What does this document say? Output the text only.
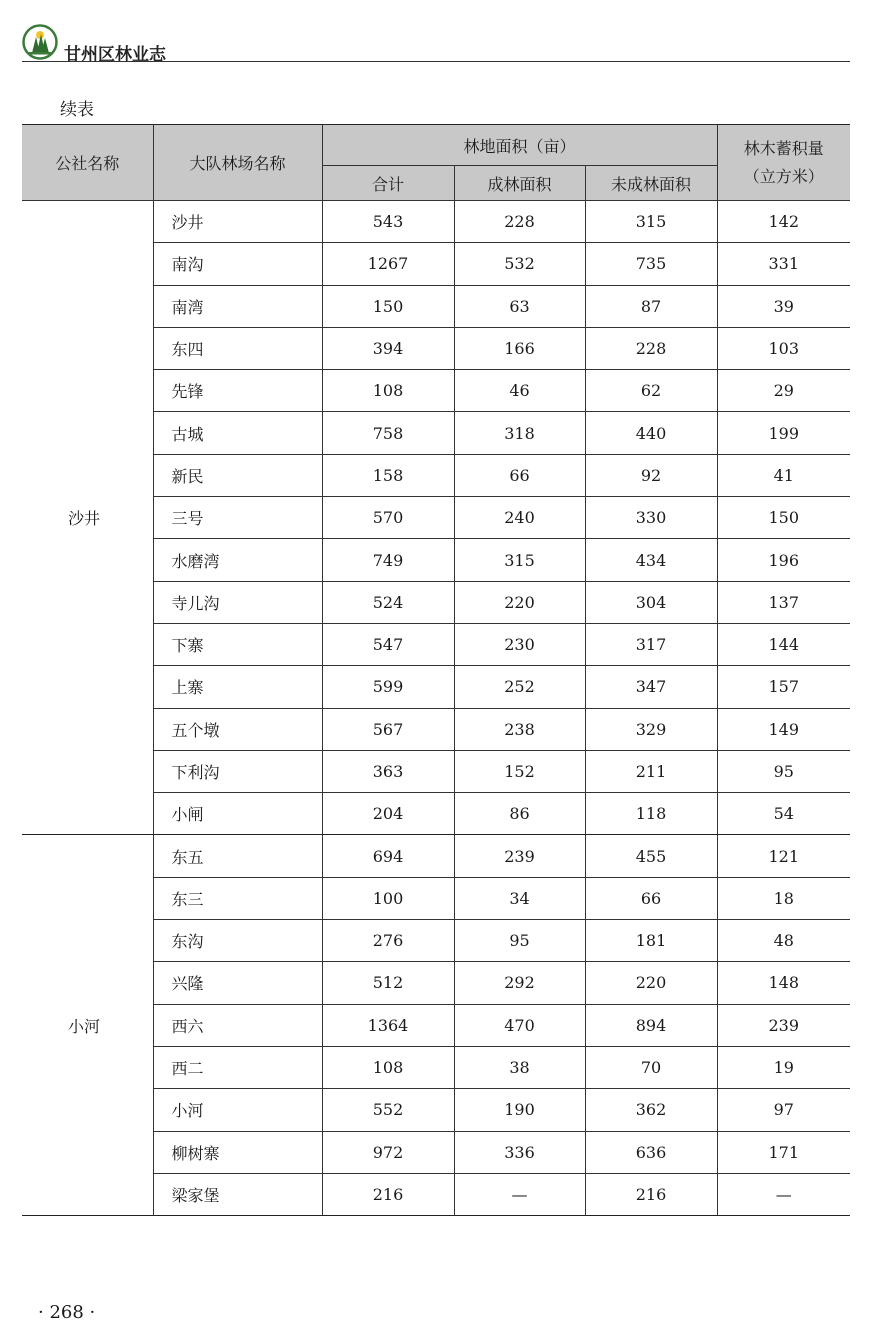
甘州区林业志
续表
公社名称	大队林场名称	林地面积（亩）			林木蓄积量
（立方米）

		合计	成林面积	未成林面积	
沙井	沙井	543	228	315	142
	南沟	1267	532	735	331
	南湾	150	63	87	39
	东四	394	166	228	103
	先锋	108	46	62	29
	古城	758	318	440	199
	新民	158	66	92	41
	三号	570	240	330	150
	水磨湾	749	315	434	196
	寺儿沟	524	220	304	137
	下寨	547	230	317	144
	上寨	599	252	347	157
	五个墩	567	238	329	149
	下利沟	363	152	211	95
	小闸	204	86	118	54
小河	东五	694	239	455	121
	东三	100	34	66	18
	东沟	276	95	181	48
	兴隆	512	292	220	148
	西六	1364	470	894	239
	西二	108	38	70	19
	小河	552	190	362	97
	柳树寨	972	336	636	171
	梁家堡	216	—	216	—
· 268 ·
